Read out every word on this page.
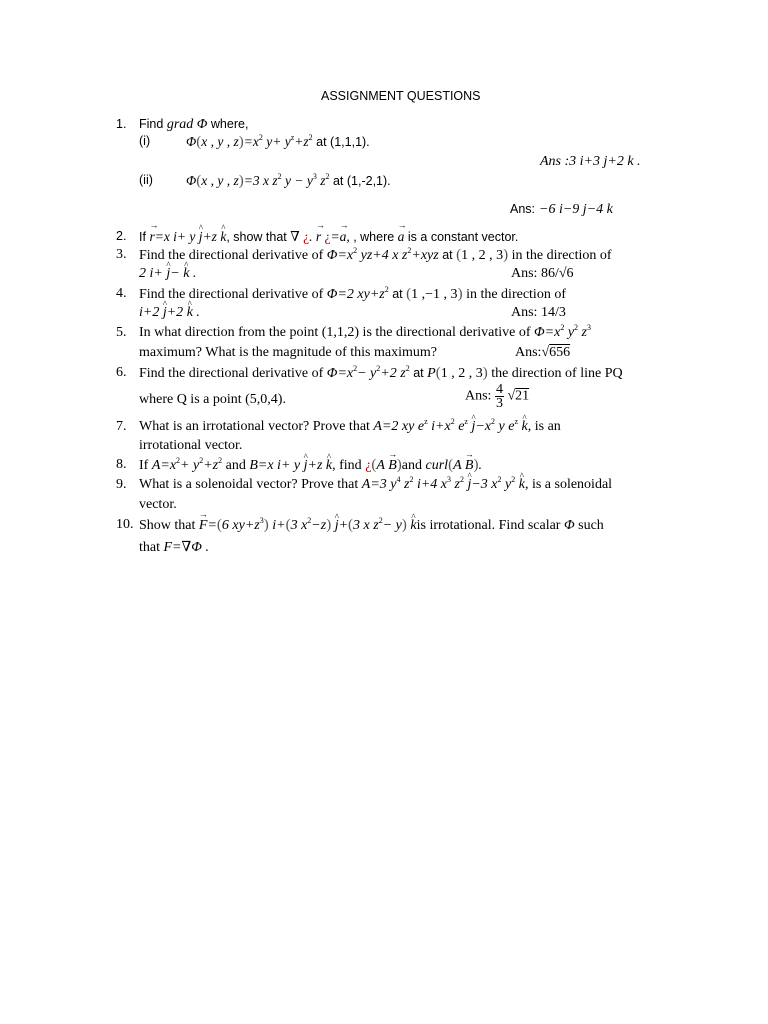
ASSIGNMENT QUESTIONS
1. Find grad Φ where,
(i)	Φ(x , y , $z)=x^2$ $y+ y^z+z^2$ at (1,1,1).
Ans :3 i+3 j+2 k .
(ii) Φ(x , y , z)=3 x $z^2$ $y - y^3$ $z^2$ at (1,-2,1).
Ans: −6 i−9 j−4 k
2. If → r=x i+ y ^ j+z ^ k, show that ∇ ¿. → r ¿=→ a, , where → a is a constant vector.
3. Find the directional derivative of $\Phi=x^2$ yz+4 x $z^2+xyz$ at (1 , 2 , 3) in the direction of
2 i+ ^ j− ^ k .	Ans: 86/√6
4. Find the directional derivative of Φ=2 $xy+z^2$ at (1 ,−1 , 3) in the direction of
i+2 ^ j+2 ^ k .	Ans: 14/3
5. In what direction from the point (1,1,2) is the directional derivative of $\Phi=x^2$ $y^2$ $z^3$
maximum? What is the magnitude of this maximum?	Ans:√656
6. Find the directional derivative of $\Phi=x^2- y^2+2$ $z^2$ at P(1 , 2 , 3) the direction of line PQ
where Q is a point (5,0,4).	Ans: $\frac{4}{3} √21$
7. What is an irrotational vector? Prove that A=2 xy $e^z$ $i+x^2$ $e^z$ ^ $j-x^2$ y $e^z$ ^ k, is an
irrotational vector.
8. If $A=x^2+ y^2+z^2$ and B=x i+ y ^ j+z ^ k, find ¿(A → B)and curl(A → B).
9. What is a solenoidal vector? Prove that A=3 $y^4$ $z^2$ i+4 $x^3$ $z^2$ ^ j−3 $x^2$ $y^2$ ^ k, is a solenoidal
vector.
10. Show that → F=(6 $xy+z^3$) i+(3 $x^2-z$) ^ j+(3 x $z^2- y$) ^ kis irrotational. Find scalar Φ such
that F=∇Φ .
